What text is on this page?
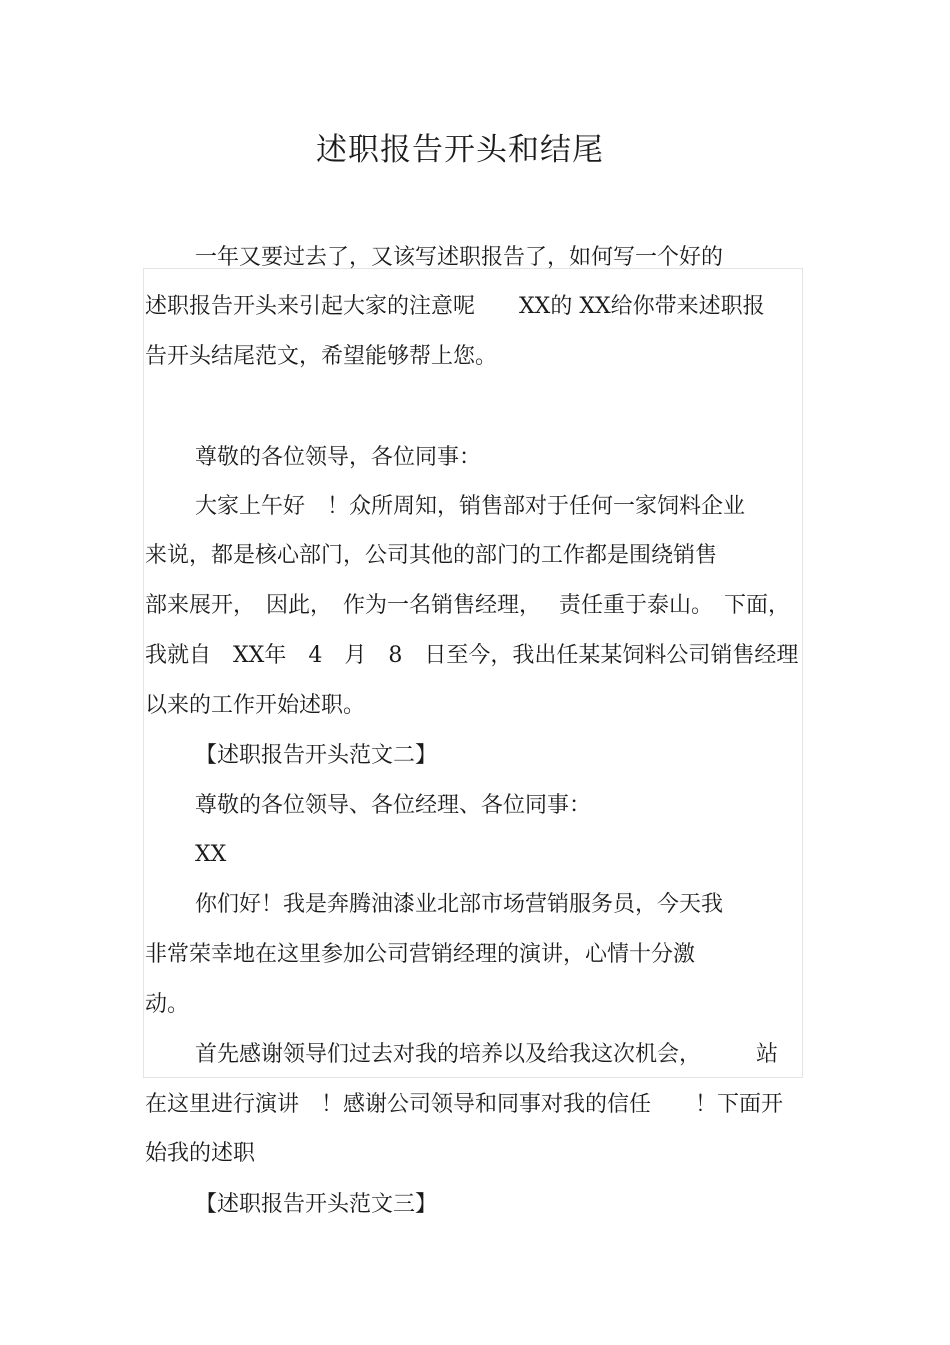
述职报告开头和结尾

一年又要过去了，又该写述职报告了，如何写一个好的

述职报告开头来引起大家的注意呢　　XX的 XX给你带来述职报

告开头结尾范文，希望能够帮上您。

尊敬的各位领导，各位同事：

大家上午好　！众所周知，销售部对于任何一家饲料企业

来说，都是核心部门，公司其他的部门的工作都是围绕销售

部来展开，　因此，　作为一名销售经理，　 责任重于泰山。　下面，

我就自　XX年　4　月　8　日至今，我出任某某饲料公司销售经理

以来的工作开始述职。

【述职报告开头范文二】

尊敬的各位领导、各位经理、各位同事：

XX

你们好！我是奔腾油漆业北部市场营销服务员，今天我

非常荣幸地在这里参加公司营销经理的演讲，心情十分激

动。

首先感谢领导们过去对我的培养以及给我这次机会，　　　站

在这里进行演讲　！感谢公司领导和同事对我的信任　　！下面开

始我的述职

【述职报告开头范文三】
